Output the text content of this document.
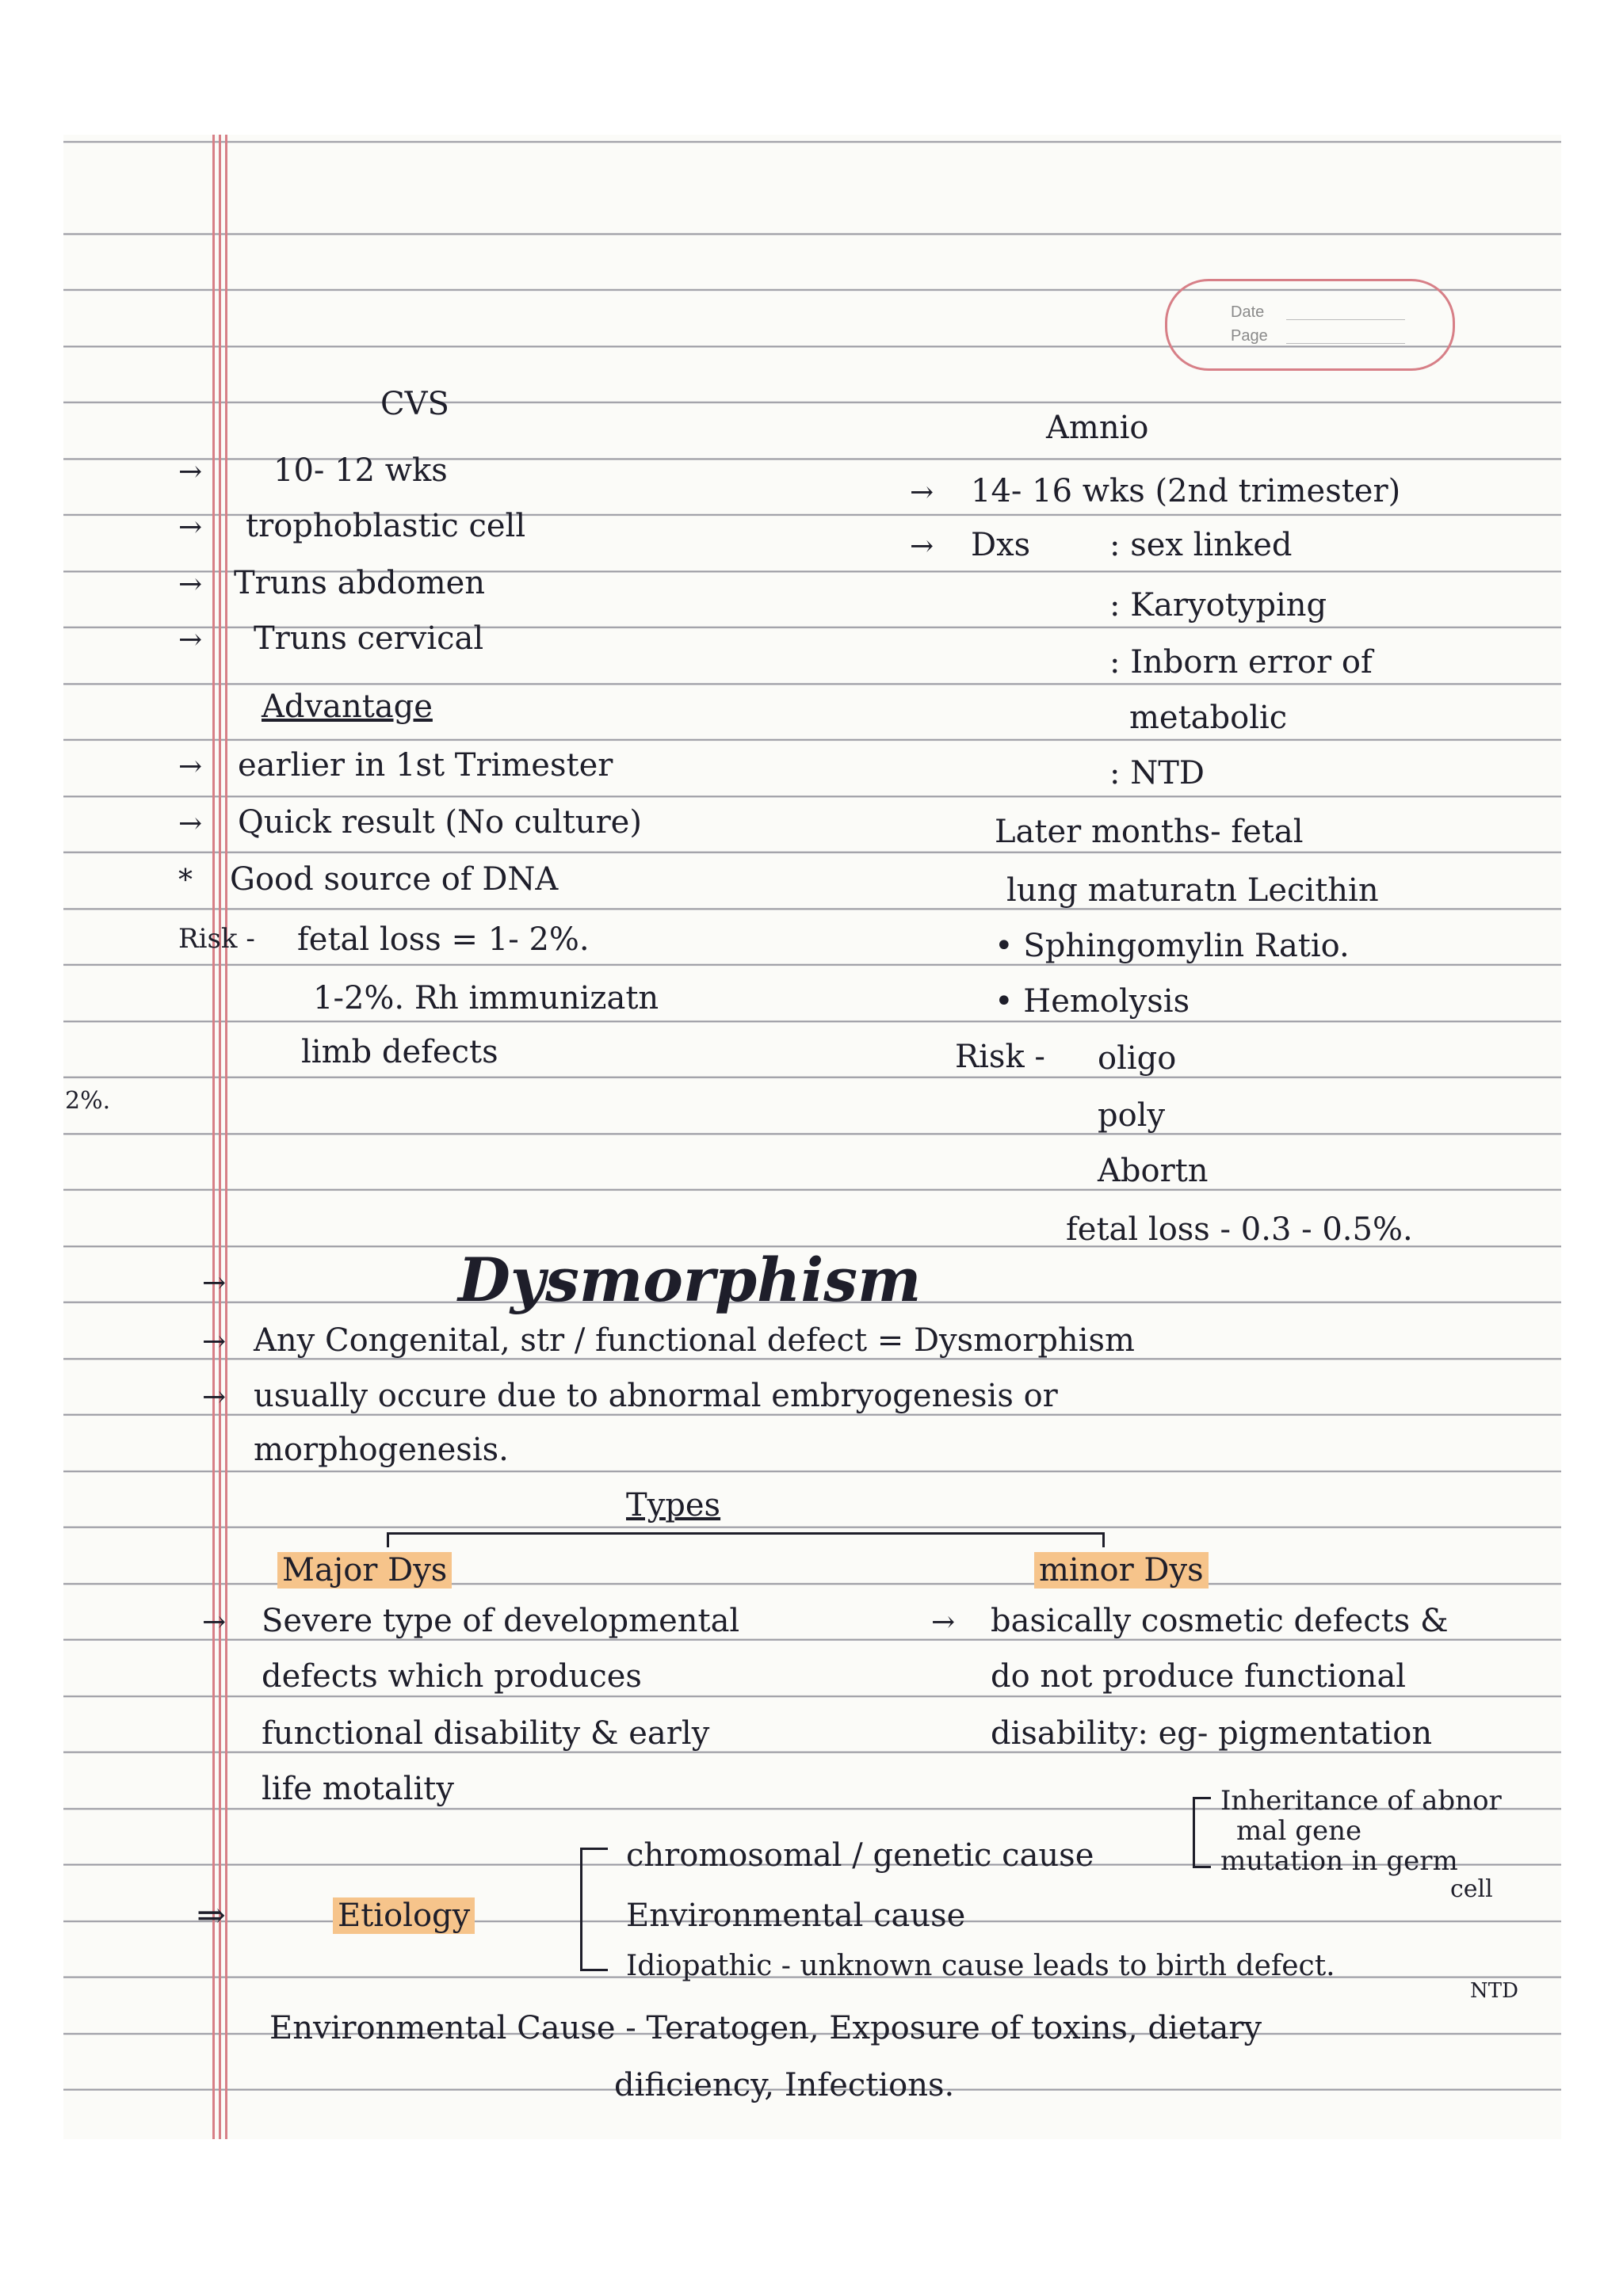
Date
Page
CVS
→ 10- 12 wks
→ trophoblastic cell
→ Truns abdomen
→ Truns cervical
Advantage
→ earlier in 1st Trimester
→ Quick result (No culture)
* Good source of DNA
Risk - fetal loss = 1- 2%.
1-2%. Rh immunizatn
limb defects
2%.
Amnio
→ 14- 16 wks (2nd trimester)
→ Dxs : sex linked
: Karyotyping
: Inborn error of
metabolic
: NTD
Later months- fetal
lung maturatn Lecithin
• Sphingomylin Ratio.
• Hemolysis
Risk - oligo
poly
Abortn
fetal loss - 0.3 - 0.5%.
→	Dysmorphism
→ Any Congenital, str / functional defect = Dysmorphism
→ usually occure due to abnormal embryogenesis or
morphogenesis.
Types
Major Dys
→ Severe type of developmental
defects which produces
functional disability & early
life motality
minor Dys
→ basically cosmetic defects &
do not produce functional
disability: eg- pigmentation
⇒	Etiology
chromosomal / genetic cause
Environmental cause
Idiopathic - unknown cause leads to birth defect.
Inheritance of abnor
mal gene
mutation in germ
cell
NTD
Environmental Cause - Teratogen, Exposure of toxins, dietary
dificiency, Infections.
